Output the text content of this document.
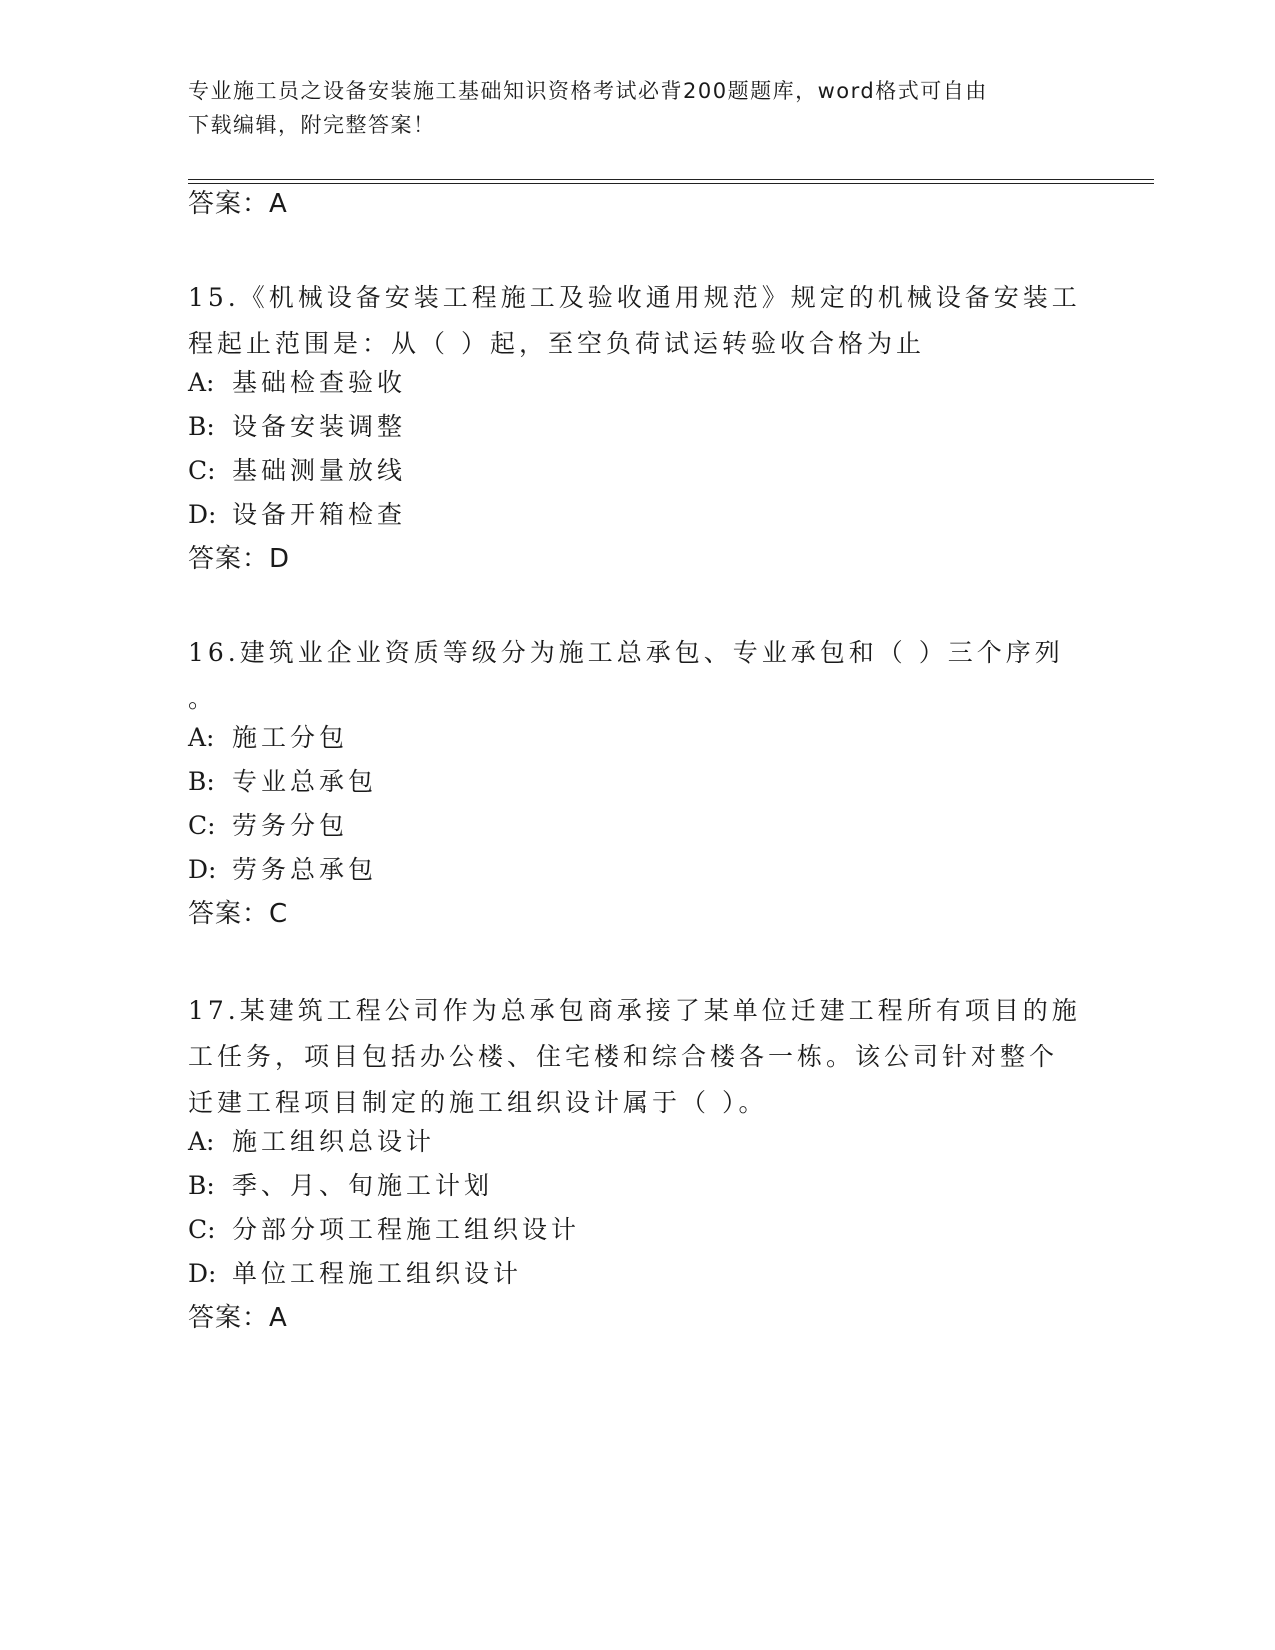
专业施工员之设备安装施工基础知识资格考试必背200题题库，word格式可自由
下载编辑，附完整答案！
答案：A
15.《机械设备安装工程施工及验收通用规范》规定的机械设备安装工
程起止范围是：从（ ）起，至空负荷试运转验收合格为止
A: 基础检查验收
B: 设备安装调整
C: 基础测量放线
D: 设备开箱检查
答案：D
16.建筑业企业资质等级分为施工总承包、专业承包和（ ）三个序列
。
A: 施工分包
B: 专业总承包
C: 劳务分包
D: 劳务总承包
答案：C
17.某建筑工程公司作为总承包商承接了某单位迁建工程所有项目的施
工任务，项目包括办公楼、住宅楼和综合楼各一栋。该公司针对整个
迁建工程项目制定的施工组织设计属于（ ）。
A: 施工组织总设计
B: 季、月、旬施工计划
C: 分部分项工程施工组织设计
D: 单位工程施工组织设计
答案：A
